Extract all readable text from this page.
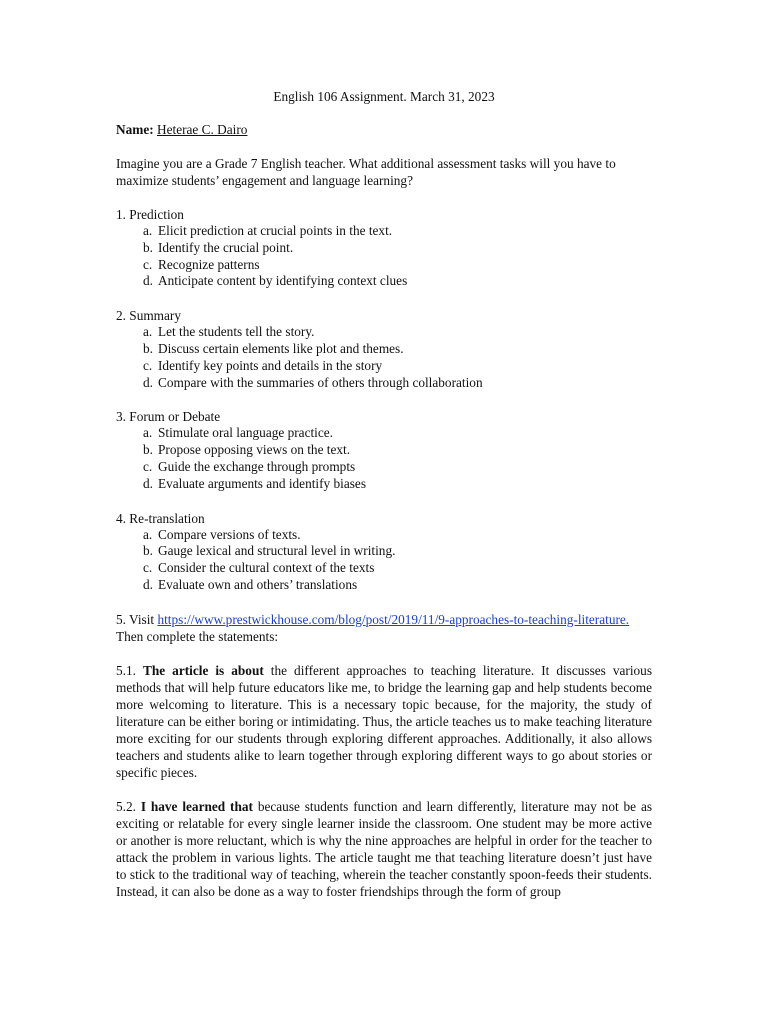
English 106 Assignment. March 31, 2023

Name: Heterae C. Dairo

Imagine you are a Grade 7 English teacher. What additional assessment tasks will you have to maximize students’ engagement and language learning?

1. Prediction

a. Elicit prediction at crucial points in the text.
b. Identify the crucial point.
c. Recognize patterns
d. Anticipate content by identifying context clues

2. Summary

a. Let the students tell the story.
b. Discuss certain elements like plot and themes.
c. Identify key points and details in the story
d. Compare with the summaries of others through collaboration

3. Forum or Debate

a. Stimulate oral language practice.
b. Propose opposing views on the text.
c. Guide the exchange through prompts
d. Evaluate arguments and identify biases

4. Re-translation

a. Compare versions of texts.
b. Gauge lexical and structural level in writing.
c. Consider the cultural context of the texts
d. Evaluate own and others’ translations

5. Visit https://www.prestwickhouse.com/blog/post/2019/11/9-approaches-to-teaching-literature. Then complete the statements:

5.1. The article is about the different approaches to teaching literature. It discusses various methods that will help future educators like me, to bridge the learning gap and help students become more welcoming to literature. This is a necessary topic because, for the majority, the study of literature can be either boring or intimidating. Thus, the article teaches us to make teaching literature more exciting for our students through exploring different approaches. Additionally, it also allows teachers and students alike to learn together through exploring different ways to go about stories or specific pieces.

5.2. I have learned that because students function and learn differently, literature may not be as exciting or relatable for every single learner inside the classroom. One student may be more active or another is more reluctant, which is why the nine approaches are helpful in order for the teacher to attack the problem in various lights. The article taught me that teaching literature doesn’t just have to stick to the traditional way of teaching, wherein the teacher constantly spoon-feeds their students. Instead, it can also be done as a way to foster friendships through the form of group
